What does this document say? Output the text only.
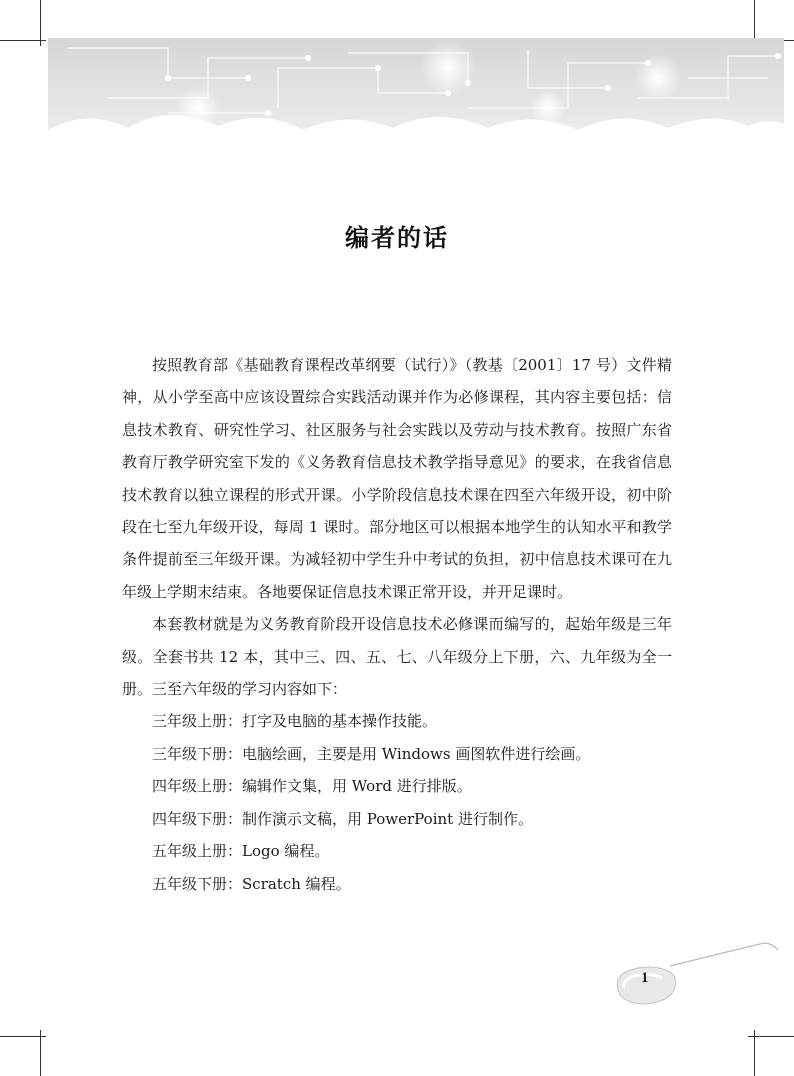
编者的话

按照教育部《基础教育课程改革纲要（试行）》（教基〔2001〕17 号）文件精神，从小学至高中应该设置综合实践活动课并作为必修课程，其内容主要包括：信息技术教育、研究性学习、社区服务与社会实践以及劳动与技术教育。按照广东省教育厅教学研究室下发的《义务教育信息技术教学指导意见》的要求，在我省信息技术教育以独立课程的形式开课。小学阶段信息技术课在四至六年级开设，初中阶段在七至九年级开设，每周 1 课时。部分地区可以根据本地学生的认知水平和教学条件提前至三年级开课。为减轻初中学生升中考试的负担，初中信息技术课可在九年级上学期末结束。各地要保证信息技术课正常开设，并开足课时。

本套教材就是为义务教育阶段开设信息技术必修课而编写的，起始年级是三年级。全套书共 12 本，其中三、四、五、七、八年级分上下册，六、九年级为全一册。三至六年级的学习内容如下：

三年级上册：打字及电脑的基本操作技能。

三年级下册：电脑绘画，主要是用 Windows 画图软件进行绘画。

四年级上册：编辑作文集，用 Word 进行排版。

四年级下册：制作演示文稿，用 PowerPoint 进行制作。

五年级上册：Logo 编程。

五年级下册：Scratch 编程。

1
